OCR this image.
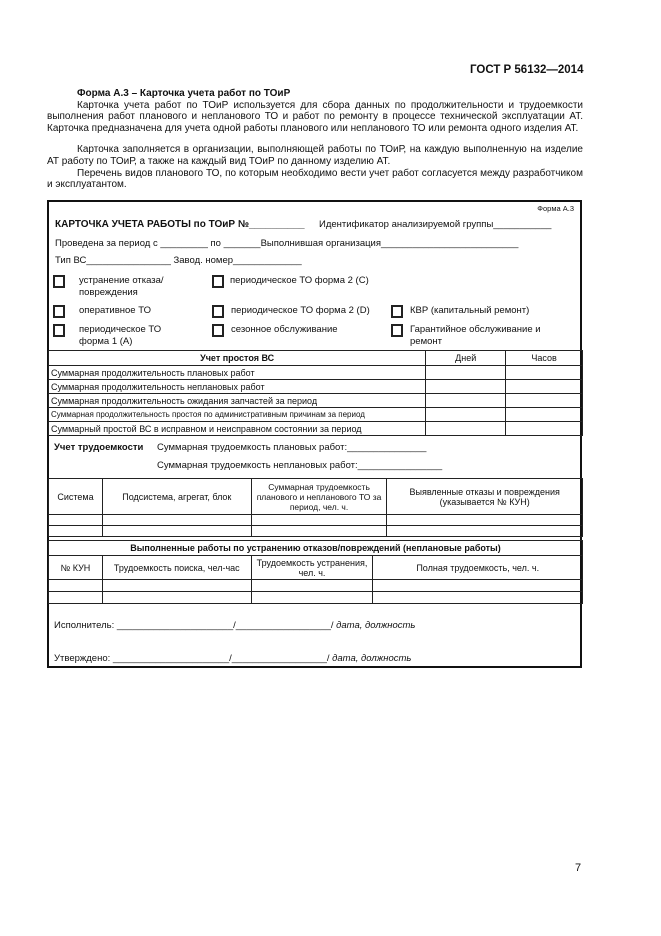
ГОСТ Р 56132—2014

Форма А.3 – Карточка учета работ по ТОиР

Карточка учета работ по ТОиР используется для сбора данных по продолжительности и трудоемкости выполнения работ планового и непланового ТО и работ по ремонту в процессе технической эксплуатации АТ. Карточка предназначена для учета одной работы планового или непланового ТО или ремонта одного изделия АТ.

Карточка заполняется в организации, выполняющей работы по ТОиР, на каждую выполненную на изделие АТ работу по ТОиР, а также на каждый вид ТОиР по данному изделию АТ.

Перечень видов планового ТО, по которым необходимо вести учет работ согласуется между разработчиком и эксплуатантом.

Форма А.3
КАРТОЧКА УЧЕТА РАБОТЫ по ТОиР №__________ Идентификатор анализируемой группы___________
Проведена за период с _________ по _______Выполнившая организация__________________________
Тип ВС________________ Завод. номер_____________
устранение отказа/ повреждения
периодическое ТО форма 2 (С)
оперативное ТО	периодическое ТО форма 2 (D)	КВР (капитальный ремонт)
периодическое ТО форма 1 (А)
сезонное обслуживание	Гарантийное обслуживание и ремонт
Учет простоя ВС	Дней	Часов
Суммарная продолжительность плановых работ		
Суммарная продолжительность неплановых работ		
Суммарная продолжительность ожидания запчастей за период		
Суммарная продолжительность простоя по административным причинам за период		
Суммарный простой ВС в исправном и неисправном состоянии за период		
Учет трудоемкости Суммарная трудоемкость плановых работ:_______________
Суммарная трудоемкость неплановых работ:________________
Система	Подсистема, агрегат, блок	Суммарная трудоемкость планового и непланового ТО за период, чел. ч.	Выявленные отказы и повреждения (указывается № КУН)

Выполненные работы по устранению отказов/повреждений (неплановые работы)			
№ КУН	Трудоемкость поиска, чел-час	Трудоемкость устранения, чел. ч.	Полная трудоемкость, чел. ч.

Исполнитель: ______________________/__________________/ дата, должность
Утверждено: ______________________/__________________/ дата, должность
7
